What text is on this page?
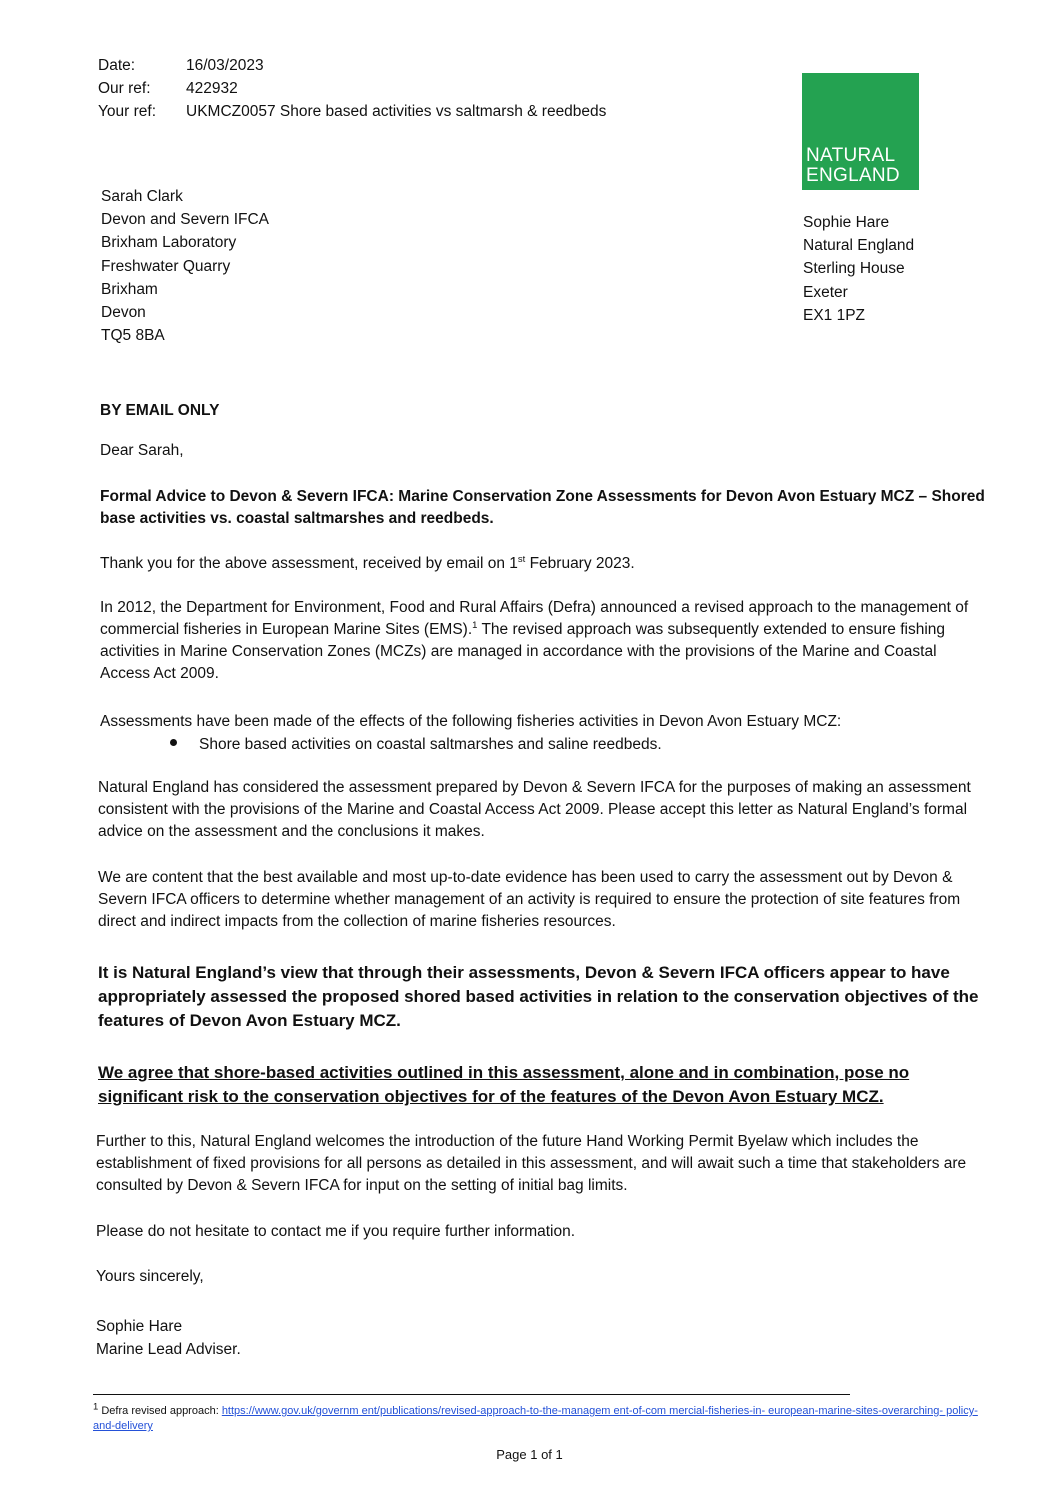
Date:	16/03/2023
Our ref:	422932
Your ref:	UKMCZ0057 Shore based activities vs saltmarsh & reedbeds
NATURAL
ENGLAND
Sarah Clark
Devon and Severn IFCA
Brixham Laboratory
Freshwater Quarry
Brixham
Devon
TQ5 8BA
Sophie Hare
Natural England
Sterling House
Exeter
EX1 1PZ
BY EMAIL ONLY
Dear Sarah,
Formal Advice to Devon & Severn IFCA: Marine Conservation Zone Assessments for Devon Avon Estuary MCZ – Shored base activities vs. coastal saltmarshes and reedbeds.
Thank you for the above assessment, received by email on 1st February 2023.
In 2012, the Department for Environment, Food and Rural Affairs (Defra) announced a revised approach to the management of commercial fisheries in European Marine Sites (EMS).$^1$ The revised approach was subsequently extended to ensure fishing activities in Marine Conservation Zones (MCZs) are managed in accordance with the provisions of the Marine and Coastal Access Act 2009.
Assessments have been made of the effects of the following fisheries activities in Devon Avon Estuary MCZ:
Shore based activities on coastal saltmarshes and saline reedbeds.
Natural England has considered the assessment prepared by Devon & Severn IFCA for the purposes of making an assessment consistent with the provisions of the Marine and Coastal Access Act 2009. Please accept this letter as Natural England’s formal advice on the assessment and the conclusions it makes.
We are content that the best available and most up-to-date evidence has been used to carry the assessment out by Devon & Severn IFCA officers to determine whether management of an activity is required to ensure the protection of site features from direct and indirect impacts from the collection of marine fisheries resources.
It is Natural England’s view that through their assessments, Devon & Severn IFCA officers appear to have appropriately assessed the proposed shored based activities in relation to the conservation objectives of the features of Devon Avon Estuary MCZ.
We agree that shore-based activities outlined in this assessment, alone and in combination, pose no significant risk to the conservation objectives for of the features of the Devon Avon Estuary MCZ.
Further to this, Natural England welcomes the introduction of the future Hand Working Permit Byelaw which includes the establishment of fixed provisions for all persons as detailed in this assessment, and will await such a time that stakeholders are consulted by Devon & Severn IFCA for input on the setting of initial bag limits.
Please do not hesitate to contact me if you require further information.
Yours sincerely,
Sophie Hare
Marine Lead Adviser.
$^1$ Defra revised approach: https://www.gov.uk/governm ent/publications/revised-approach-to-the-managem ent-of-com mercial-fisheries-in- european-marine-sites-overarching- policy-and-delivery
Page 1 of 1
